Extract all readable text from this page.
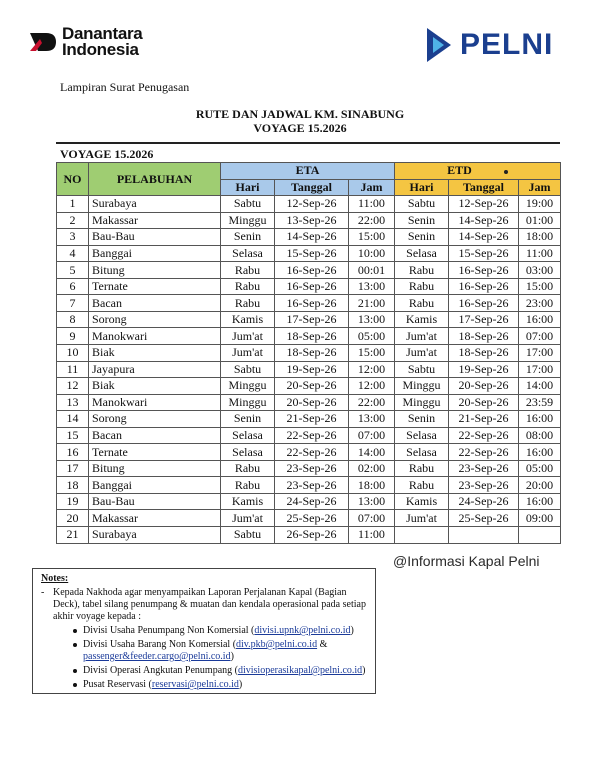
Danantara
Indonesia	PELNI
Lampiran Surat Penugasan
RUTE DAN JADWAL KM. SINABUNG
VOYAGE 15.2026
VOYAGE 15.2026
NO	PELABUHAN	ETA			ETD		
		Hari	Tanggal	Jam	Hari	Tanggal	Jam
1	Surabaya	Sabtu	12-Sep-26	11:00	Sabtu	12-Sep-26	19:00
2	Makassar	Minggu	13-Sep-26	22:00	Senin	14-Sep-26	01:00
3	Bau-Bau	Senin	14-Sep-26	15:00	Senin	14-Sep-26	18:00
4	Banggai	Selasa	15-Sep-26	10:00	Selasa	15-Sep-26	11:00
5	Bitung	Rabu	16-Sep-26	00:01	Rabu	16-Sep-26	03:00
6	Ternate	Rabu	16-Sep-26	13:00	Rabu	16-Sep-26	15:00
7	Bacan	Rabu	16-Sep-26	21:00	Rabu	16-Sep-26	23:00
8	Sorong	Kamis	17-Sep-26	13:00	Kamis	17-Sep-26	16:00
9	Manokwari	Jum'at	18-Sep-26	05:00	Jum'at	18-Sep-26	07:00
10	Biak	Jum'at	18-Sep-26	15:00	Jum'at	18-Sep-26	17:00
11	Jayapura	Sabtu	19-Sep-26	12:00	Sabtu	19-Sep-26	17:00
12	Biak	Minggu	20-Sep-26	12:00	Minggu	20-Sep-26	14:00
13	Manokwari	Minggu	20-Sep-26	22:00	Minggu	20-Sep-26	23:59
14	Sorong	Senin	21-Sep-26	13:00	Senin	21-Sep-26	16:00
15	Bacan	Selasa	22-Sep-26	07:00	Selasa	22-Sep-26	08:00
16	Ternate	Selasa	22-Sep-26	14:00	Selasa	22-Sep-26	16:00
17	Bitung	Rabu	23-Sep-26	02:00	Rabu	23-Sep-26	05:00
18	Banggai	Rabu	23-Sep-26	18:00	Rabu	23-Sep-26	20:00
19	Bau-Bau	Kamis	24-Sep-26	13:00	Kamis	24-Sep-26	16:00
20	Makassar	Jum'at	25-Sep-26	07:00	Jum'at	25-Sep-26	09:00
21	Surabaya	Sabtu	26-Sep-26	11:00			
@Informasi Kapal Pelni
Notes:
- Kepada Nakhoda agar menyampaikan Laporan Perjalanan Kapal (Bagian Deck), tabel silang penumpang & muatan dan kendala operasional pada setiap akhir voyage kepada :
Divisi Usaha Penumpang Non Komersial (divisi.upnk@pelni.co.id)
Divisi Usaha Barang Non Komersial (div.pkb@pelni.co.id & passenger&feeder.cargo@pelni.co.id)
Divisi Operasi Angkutan Penumpang (divisioperasikapal@pelni.co.id)
Pusat Reservasi (reservasi@pelni.co.id)
